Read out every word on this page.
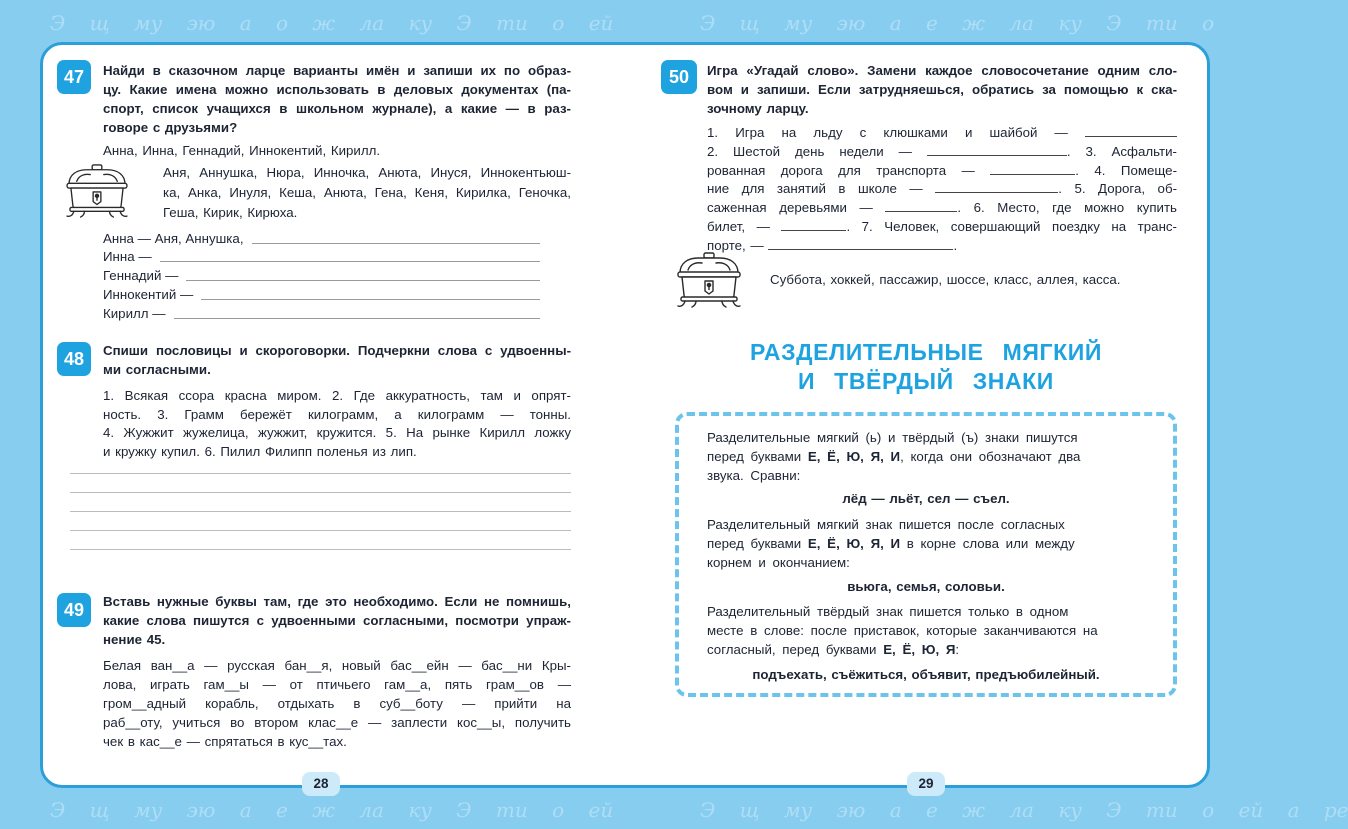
Э щ му эю а о ж ла ку Э ти о ей	Э щ му эю а е ж ла ку Э ти о
Э щ му эю а е ж ла ку Э ти о ей	Э щ му эю а е ж ла ку Э ти о ей а ре
47	Найди в сказочном ларце варианты имён и запиши их по образ-
цу. Какие имена можно использовать в деловых документах (па-
спорт, список учащихся в школьном журнале), а какие — в раз-
говоре с друзьями?
Анна, Инна, Геннадий, Иннокентий, Кирилл.
Аня, Аннушка, Нюра, Инночка, Анюта, Инуся, Иннокентьюш-
ка, Анка, Инуля, Кеша, Анюта, Гена, Кеня, Кирилка, Геночка,
Геша, Кирик, Кирюха.
Анна — Аня, Аннушка,
Инна —
Геннадий —
Иннокентий —
Кирилл —
48	Спиши пословицы и скороговорки. Подчеркни слова с удвоенны-
ми согласными.
1. Всякая ссора красна миром. 2. Где аккуратность, там и опрят-
ность. 3. Грамм бережёт килограмм, а килограмм — тонны.
4. Жужжит жужелица, жужжит, кружится. 5. На рынке Кирилл ложку
и кружку купил. 6. Пилил Филипп поленья из лип.
49	Вставь нужные буквы там, где это необходимо. Если не помнишь,
какие слова пишутся с удвоенными согласными, посмотри упраж-
нение 45.
Белая ван__а — русская бан__я, новый бас__ейн — бас__ни Кры-
лова, играть гам__ы — от птичьего гам__а, пять грам__ов —
гром__адный корабль, отдыхать в суб__боту — прийти на
раб__оту, учиться во втором клас__е — заплести кос__ы, получить
чек в кас__е — спрятаться в кус__тах.
28
50	Игра «Угадай слово». Замени каждое словосочетание одним сло-
вом и запиши. Если затрудняешься, обратись за помощью к ска-
зочному ларцу.
1. Игра на льду с клюшками и шайбой —
2. Шестой день недели —	. 3. Асфальти-
рованная дорога для транспорта —	. 4. Помеще-
ние для занятий в школе —	. 5. Дорога, об-
саженная деревьями —	. 6. Место, где можно купить
билет, —	. 7. Человек, совершающий поездку на транс-
порте, —	.
Суббота, хоккей, пассажир, шоссе, класс, аллея, касса.
РАЗДЕЛИТЕЛЬНЫЕ МЯГКИЙ
И ТВЁРДЫЙ ЗНАКИ
Разделительные мягкий (ь) и твёрдый (ъ) знаки пишутся
перед буквами Е, Ё, Ю, Я, И, когда они обозначают два
звука. Сравни:
лёд — льёт, сел — съел.
Разделительный мягкий знак пишется после согласных
перед буквами Е, Ё, Ю, Я, И в корне слова или между
корнем и окончанием:
вьюга, семья, соловьи.
Разделительный твёрдый знак пишется только в одном
месте в слове: после приставок, которые заканчиваются на
согласный, перед буквами Е, Ё, Ю, Я:
подъехать, съёжиться, объявит, предъюбилейный.
29
